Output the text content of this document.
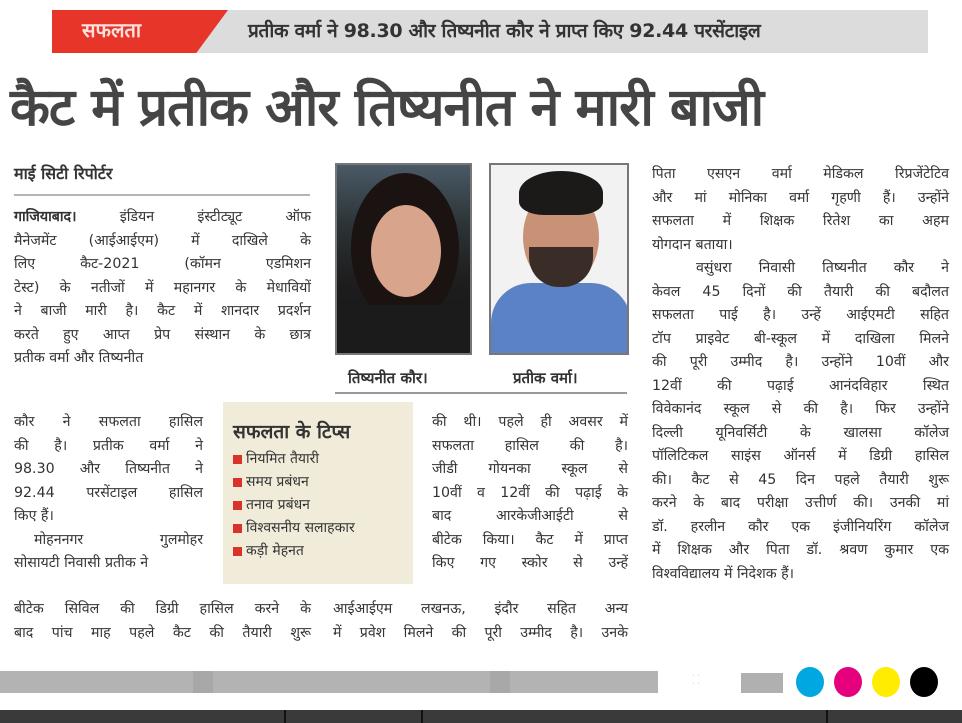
सफलता	प्रतीक वर्मा ने 98.30 और तिष्यनीत कौर ने प्राप्त किए 92.44 परसेंटाइल
कैट में प्रतीक और तिष्यनीत ने मारी बाजी
माई सिटी रिपोर्टर

गाजियाबाद। इंडियन इंस्टीट्यूट ऑफ

मैनेजमेंट (आईआईएम) में दाखिले के

लिए कैट-2021 (कॉमन एडमिशन

टेस्ट) के नतीजों में महानगर के मेधावियों

ने बाजी मारी है। कैट में शानदार प्रदर्शन

करते हुए आप्त प्रेप संस्थान के छात्र

प्रतीक वर्मा और तिष्यनीत

कौर ने सफलता हासिल

की है। प्रतीक वर्मा ने

98.30 और तिष्यनीत ने

92.44 परसेंटाइल हासिल

किए हैं।

मोहननगर गुलमोहर

सोसायटी निवासी प्रतीक ने

बीटेक सिविल की डिग्री हासिल करने के

बाद पांच माह पहले कैट की तैयारी शुरू

तिष्यनीत कौर।	प्रतीक वर्मा।
सफलता के टिप्स
नियमित तैयारी
समय प्रबंधन
तनाव प्रबंधन
विश्वसनीय सलाहकार
कड़ी मेहनत

की थी। पहले ही अवसर में

सफलता हासिल की है।

जीडी गोयनका स्कूल से

10वीं व 12वीं की पढ़ाई के

बाद आरकेजीआईटी से

बीटेक किया। कैट में प्राप्त

किए गए स्कोर से उन्हें

आईआईएम लखनऊ, इंदौर सहित अन्य

में प्रवेश मिलने की पूरी उम्मीद है। उनके

पिता एसएन वर्मा मेडिकल रिप्रजेंटेटिव

और मां मोनिका वर्मा गृहणी हैं। उन्होंने

सफलता में शिक्षक रितेश का अहम

योगदान बताया।

वसुंधरा निवासी तिष्यनीत कौर ने

केवल 45 दिनों की तैयारी की बदौलत

सफलता पाई है। उन्हें आईएमटी सहित

टॉप प्राइवेट बी-स्कूल में दाखिला मिलने

की पूरी उम्मीद है। उन्होंने 10वीं और

12वीं की पढ़ाई आनंदविहार स्थित

विवेकानंद स्कूल से की है। फिर उन्होंने

दिल्ली यूनिवर्सिटी के खालसा कॉलेज

पॉलिटिकल साइंस ऑनर्स में डिग्री हासिल

की। कैट से 45 दिन पहले तैयारी शुरू

करने के बाद परीक्षा उत्तीर्ण की। उनकी मां

डॉ. हरलीन कौर एक इंजीनियरिंग कॉलेज

में शिक्षक और पिता डॉ. श्रवण कुमार एक

विश्वविद्यालय में निदेशक हैं।

· ·
· ·
